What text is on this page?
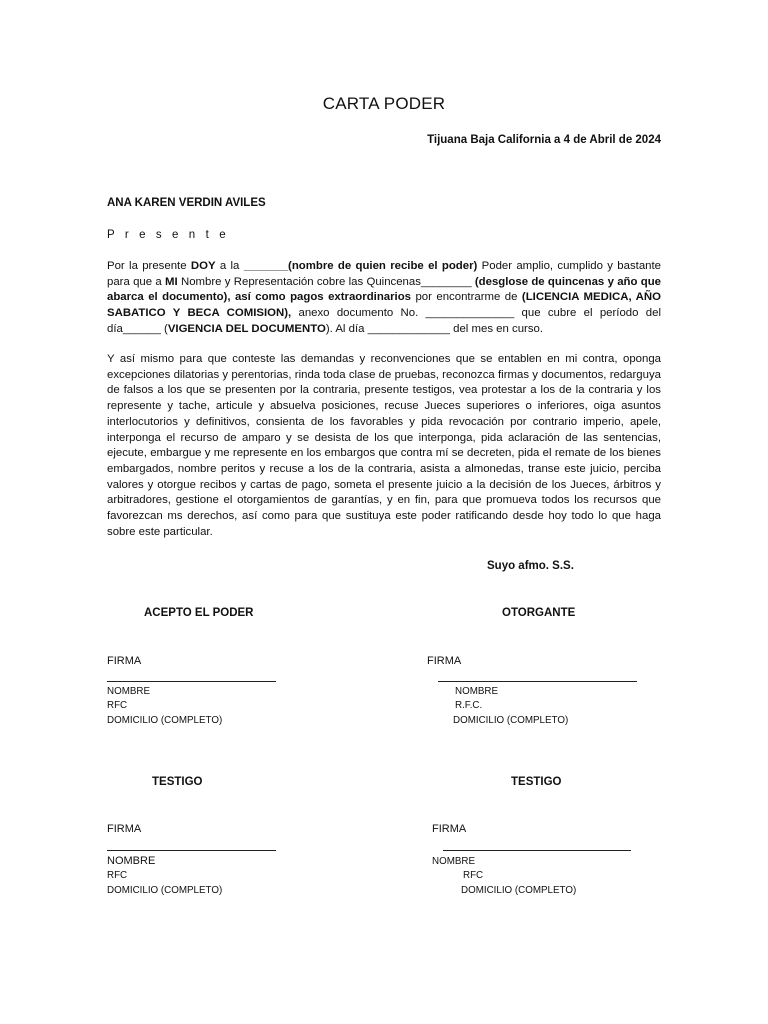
CARTA PODER
Tijuana Baja California a 4 de Abril de 2024
ANA KAREN VERDIN AVILES
P r e s e n t e
Por la presente DOY a la _______(nombre de quien recibe el poder) Poder amplio, cumplido y bastante para que a MI Nombre y Representación cobre las Quincenas________ (desglose de quincenas y año que abarca el documento), así como pagos extraordinarios por encontrarme de (LICENCIA MEDICA, AÑO SABATICO Y BECA COMISION), anexo documento No. ______________ que cubre el período del día______ (VIGENCIA DEL DOCUMENTO). Al día _____________ del mes en curso.
Y así mismo para que conteste las demandas y reconvenciones que se entablen en mi contra, oponga excepciones dilatorias y perentorias, rinda toda clase de pruebas, reconozca firmas y documentos, redarguya de falsos a los que se presenten por la contraria, presente testigos, vea protestar a los de la contraria y los represente y tache, articule y absuelva posiciones, recuse Jueces superiores o inferiores, oiga asuntos interlocutorios y definitivos, consienta de los favorables y pida revocación por contrario imperio, apele, interponga el recurso de amparo y se desista de los que interponga, pida aclaración de las sentencias, ejecute, embargue y me represente en los embargos que contra mí se decreten, pida el remate de los bienes embargados, nombre peritos y recuse a los de la contraria, asista a almonedas, transe este juicio, perciba valores y otorgue recibos y cartas de pago, someta el presente juicio a la decisión de los Jueces, árbitros y arbitradores, gestione el otorgamientos de garantías, y en fin, para que promueva todos los recursos que favorezcan ms derechos, así como para que sustituya este poder ratificando desde hoy todo lo que haga sobre este particular.
Suyo afmo. S.S.
ACEPTO EL PODER
FIRMA
NOMBRE
RFC
DOMICILIO (COMPLETO)
OTORGANTE
FIRMA
NOMBRE
R.F.C.
DOMICILIO (COMPLETO)
TESTIGO
FIRMA
NOMBRE
RFC
DOMICILIO (COMPLETO)
TESTIGO
FIRMA
NOMBRE
RFC
DOMICILIO (COMPLETO)
